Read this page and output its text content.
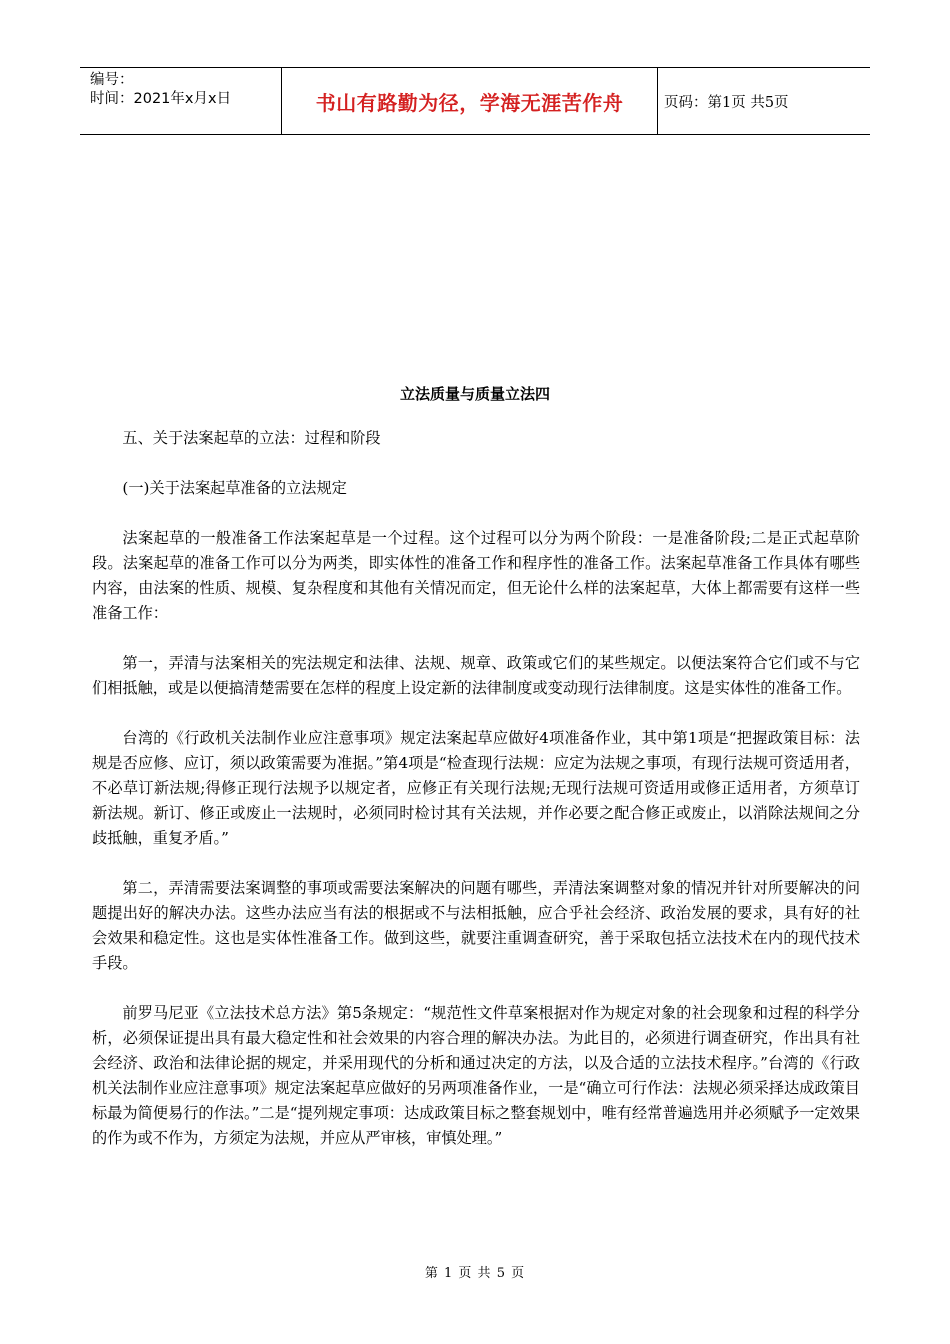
编号：
时间：2021年x月x日	书山有路勤为径，学海无涯苦作舟	页码：第1页 共5页
立法质量与质量立法四

五、关于法案起草的立法：过程和阶段

(一)关于法案起草准备的立法规定

法案起草的一般准备工作法案起草是一个过程。这个过程可以分为两个阶段：一是准备阶段;二是正式起草阶段。法案起草的准备工作可以分为两类，即实体性的准备工作和程序性的准备工作。法案起草准备工作具体有哪些内容，由法案的性质、规模、复杂程度和其他有关情况而定，但无论什么样的法案起草，大体上都需要有这样一些准备工作：

第一，弄清与法案相关的宪法规定和法律、法规、规章、政策或它们的某些规定。以便法案符合它们或不与它们相抵触，或是以便搞清楚需要在怎样的程度上设定新的法律制度或变动现行法律制度。这是实体性的准备工作。

台湾的《行政机关法制作业应注意事项》规定法案起草应做好4项准备作业，其中第1项是“把握政策目标：法规是否应修、应订，须以政策需要为准据。”第4项是“检查现行法规：应定为法规之事项，有现行法规可资适用者，不必草订新法规;得修正现行法规予以规定者，应修正有关现行法规;无现行法规可资适用或修正适用者，方须草订新法规。新订、修正或废止一法规时，必须同时检讨其有关法规，并作必要之配合修正或废止，以消除法规间之分歧抵触，重复矛盾。”

第二，弄清需要法案调整的事项或需要法案解决的问题有哪些，弄清法案调整对象的情况并针对所要解决的问题提出好的解决办法。这些办法应当有法的根据或不与法相抵触，应合乎社会经济、政治发展的要求，具有好的社会效果和稳定性。这也是实体性准备工作。做到这些，就要注重调查研究，善于采取包括立法技术在内的现代技术手段。

前罗马尼亚《立法技术总方法》第5条规定：“规范性文件草案根据对作为规定对象的社会现象和过程的科学分析，必须保证提出具有最大稳定性和社会效果的内容合理的解决办法。为此目的，必须进行调查研究，作出具有社会经济、政治和法律论据的规定，并采用现代的分析和通过决定的方法，以及合适的立法技术程序。”台湾的《行政机关法制作业应注意事项》规定法案起草应做好的另两项准备作业，一是“确立可行作法：法规必须采择达成政策目标最为简便易行的作法。”二是“提列规定事项：达成政策目标之整套规划中，唯有经常普遍选用并必须赋予一定效果的作为或不作为，方须定为法规，并应从严审核，审慎处理。”

第 1 页 共 5 页
